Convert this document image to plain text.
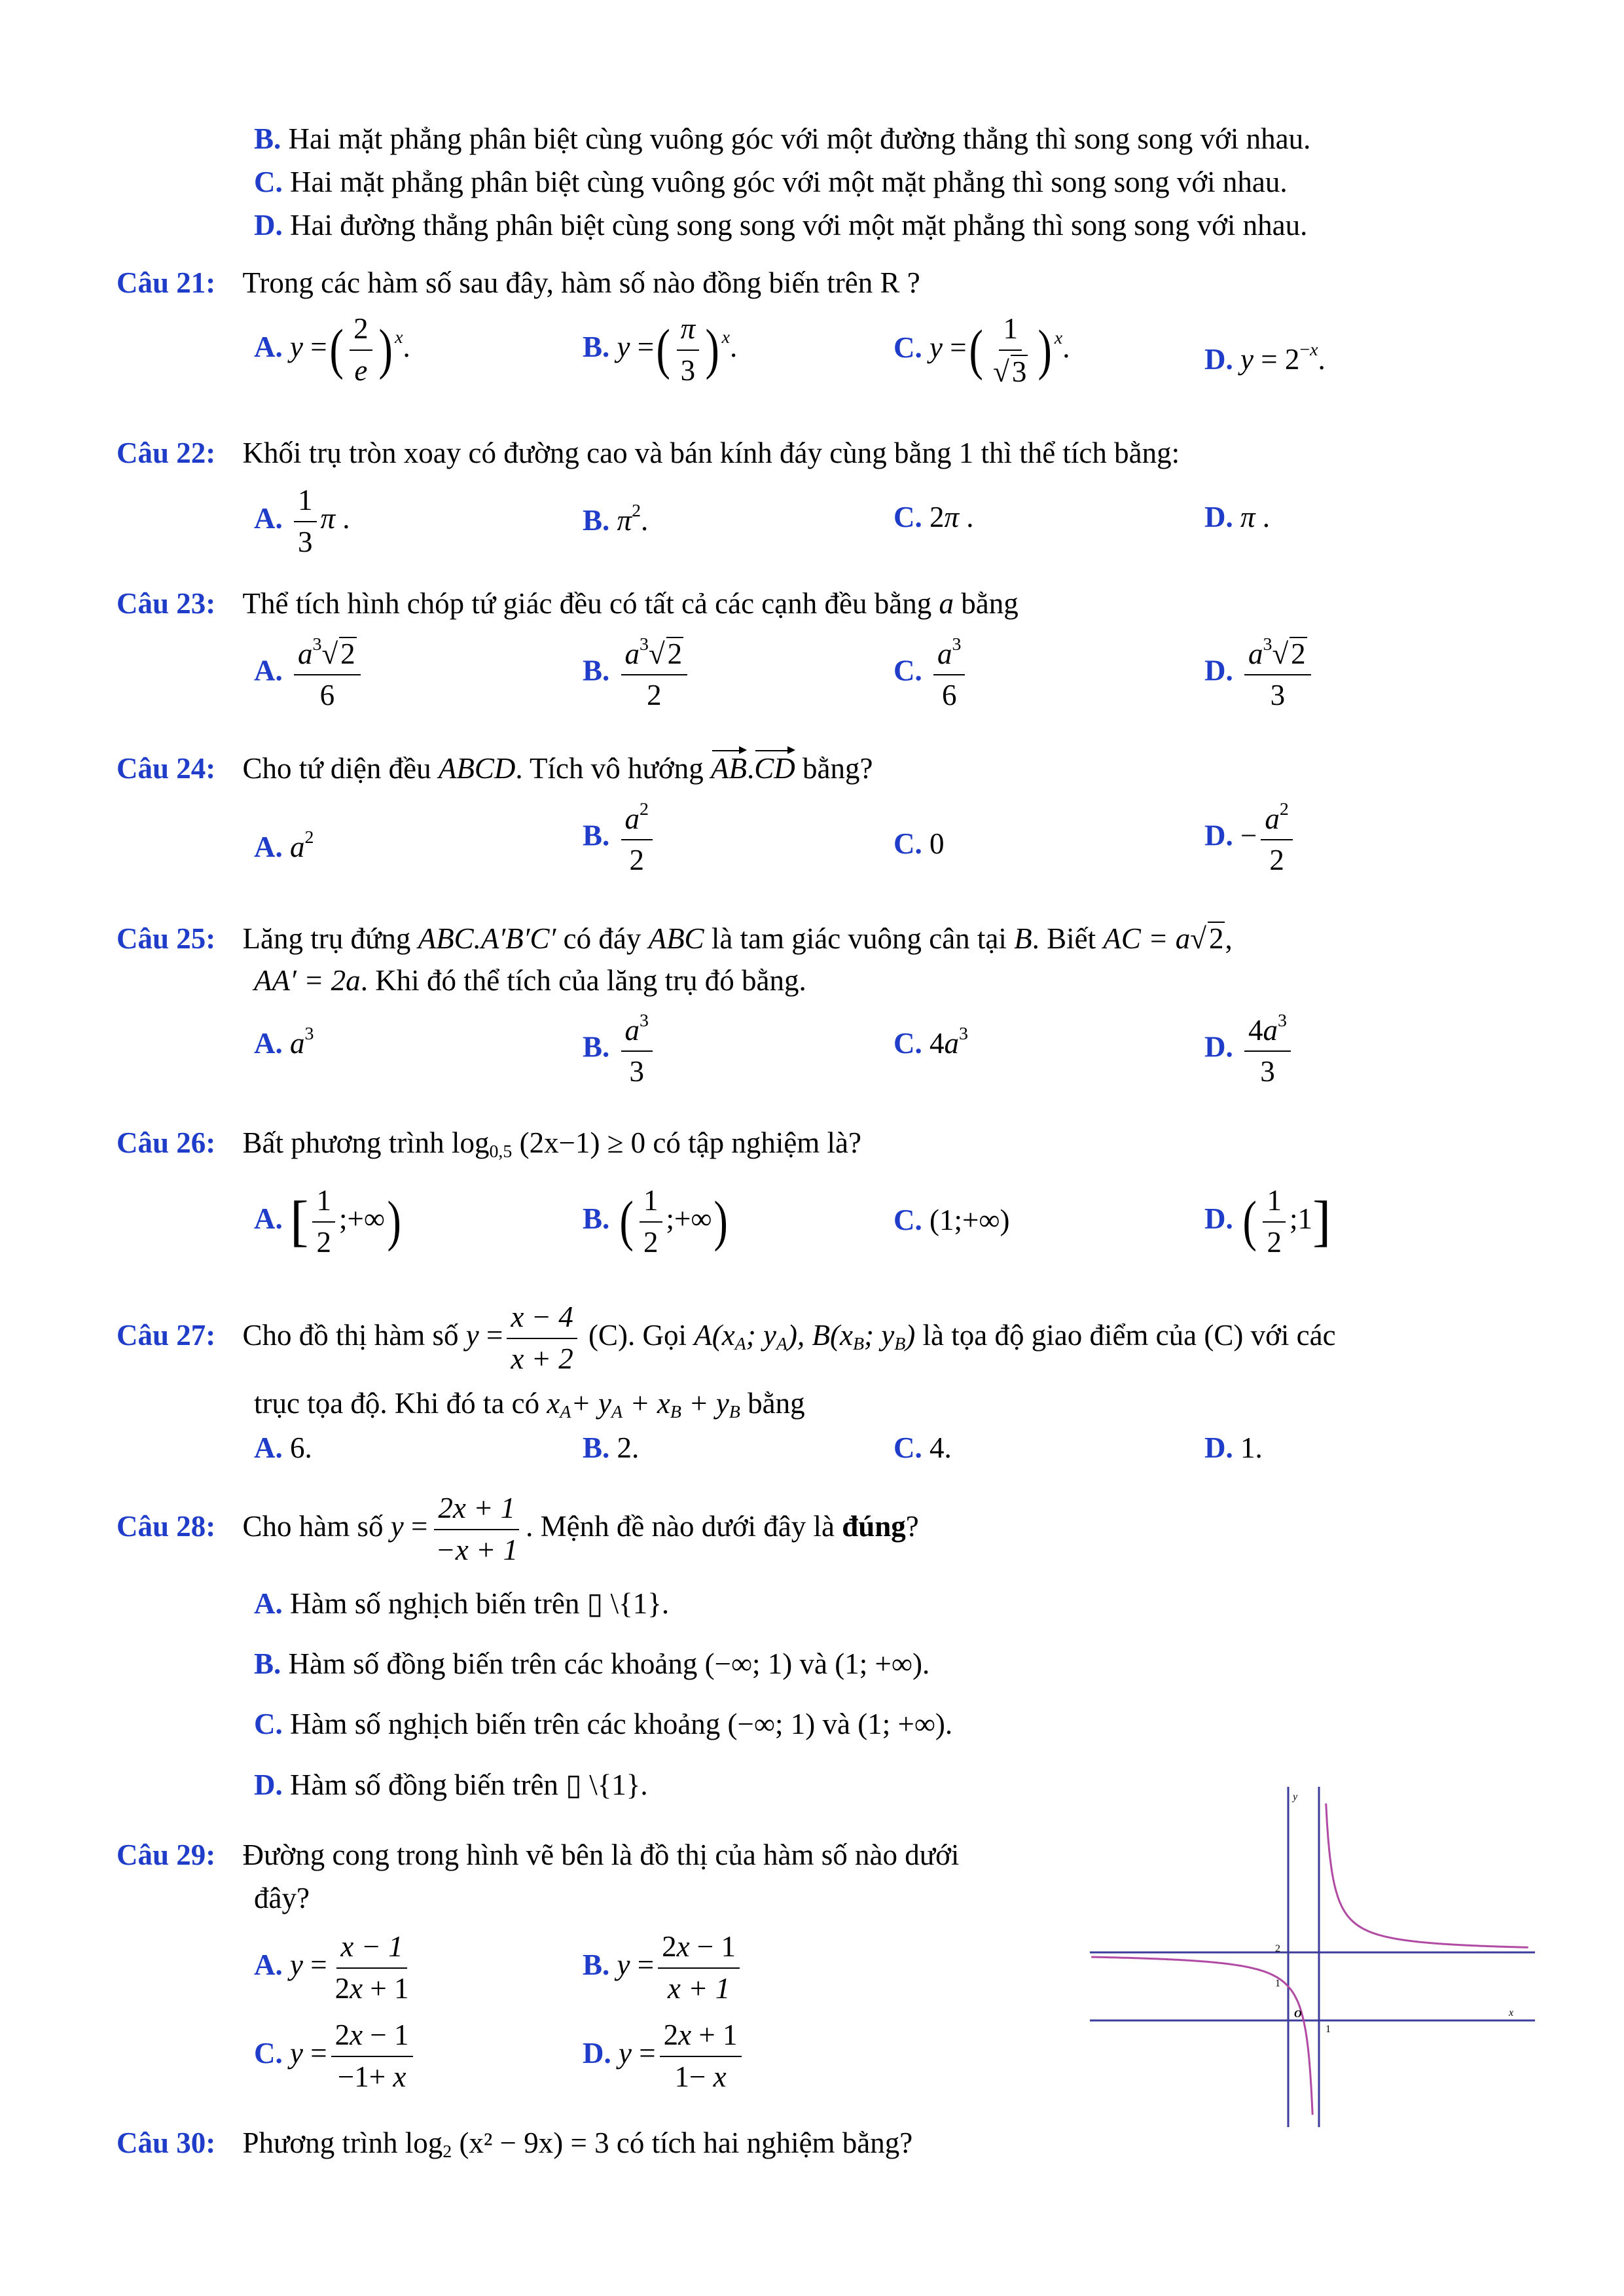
B. Hai mặt phẳng phân biệt cùng vuông góc với một đường thẳng thì song song với nhau.
C. Hai mặt phẳng phân biệt cùng vuông góc với một mặt phẳng thì song song với nhau.
D. Hai đường thẳng phân biệt cùng song song với một mặt phẳng thì song song với nhau.
Câu 21: Trong các hàm số sau đây, hàm số nào đồng biến trên R ?
A. y =( $\frac{2}{e}$ ) $^x$.	B. y =( $\frac{\pi}{3}$ ) $^x$.	C. y =( $\frac{1}{√3}$ ) $^x$.	D. $y = 2^{-x}$.
Câu 22: Khối trụ tròn xoay có đường cao và bán kính đáy cùng bằng 1 thì thể tích bằng:
A. $\frac{1}{3}$ π .	B. $\pi^2$.	C. 2π .	D. π .
Câu 23: Thể tích hình chóp tứ giác đều có tất cả các cạnh đều bằng a bằng
A. $\frac{a^3√2}{6}$	B. $\frac{a^3√2}{2}$	C. $\frac{a^3}{6}$	D. $\frac{a^3√2}{3}$
Câu 24: Cho tứ diện đều ABCD. Tích vô hướng AB.CD bằng?
A. $a^2$	B. $\frac{a^2}{2}$	C. 0	D. − $\frac{a^2}{2}$
Câu 25: Lăng trụ đứng ABC.A′B′C′ có đáy ABC là tam giác vuông cân tại B. Biết AC = a√2,
AA′ = 2a. Khi đó thể tích của lăng trụ đó bằng.
A. $a^3$	B. $\frac{a^3}{3}$	C. $4a^3$	D. $\frac{4a^3}{3}$
Câu 26: Bất phương trình $\log_{0,5} (2x-1) \ge 0$ có tập nghiệm là?
A. [ $\frac{1}{2}$ ;+∞)	B. ( $\frac{1}{2}$ ;+∞)	C. (1;+∞)	D. ( $\frac{1}{2}$ ;1]
Câu 27: Cho đồ thị hàm số $y = \frac{x - 4}{x + 2} (C)$. Gọi $A(x_A$; $y_A$), $B(x_B$; $y_B$) là tọa độ giao điểm của (C) với các
trục tọa độ. Khi đó ta có $x_A+ y_A + x_B + y_B$ bằng
A. 6.	B. 2.	C. 4.	D. 1.
Câu 28: Cho hàm số $y = \frac{2x + 1}{-x + 1}$ . Mệnh đề nào dưới đây là đúng?
A. Hàm số nghịch biến trên ▯ \{1}.
B. Hàm số đồng biến trên các khoảng (−∞; 1) và (1; +∞).
C. Hàm số nghịch biến trên các khoảng (−∞; 1) và (1; +∞).
D. Hàm số đồng biến trên ▯ \{1}.
Câu 29: Đường cong trong hình vẽ bên là đồ thị của hàm số nào dưới
đây?
A. $y = \frac{x - 1}{2x + 1}$	B. $y = \frac{2x - 1}{x + 1}$
C. $y = \frac{2x - 1}{-1+ x}$	D. $y = \frac{2x + 1}{1- x}$
y
x
2
1
O
1
Câu 30: Phương trình $\log_2 (x^2 - 9x) = 3$ có tích hai nghiệm bằng?
